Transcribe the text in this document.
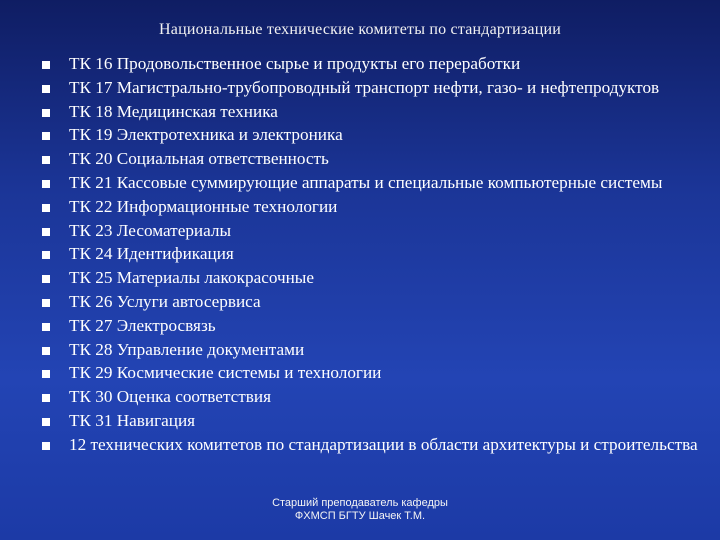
Национальные технические комитеты по стандартизации
ТК 16 Продовольственное сырье и продукты его переработки
ТК 17 Магистрально-трубопроводный транспорт нефти, газо- и нефтепродуктов
ТК 18 Медицинская техника
ТК 19 Электротехника и электроника
ТК 20 Социальная ответственность
ТК 21 Кассовые суммирующие аппараты и специальные компьютерные системы
ТК 22 Информационные технологии
ТК 23 Лесоматериалы
ТК 24 Идентификация
ТК 25 Материалы лакокрасочные
ТК 26 Услуги автосервиса
ТК 27 Электросвязь
ТК 28 Управление документами
ТК 29 Космические системы и технологии
ТК 30 Оценка соответствия
ТК 31 Навигация
12 технических комитетов по стандартизации в области архитектуры и строительства
Старший преподаватель кафедры
ФХМСП БГТУ Шачек Т.М.
